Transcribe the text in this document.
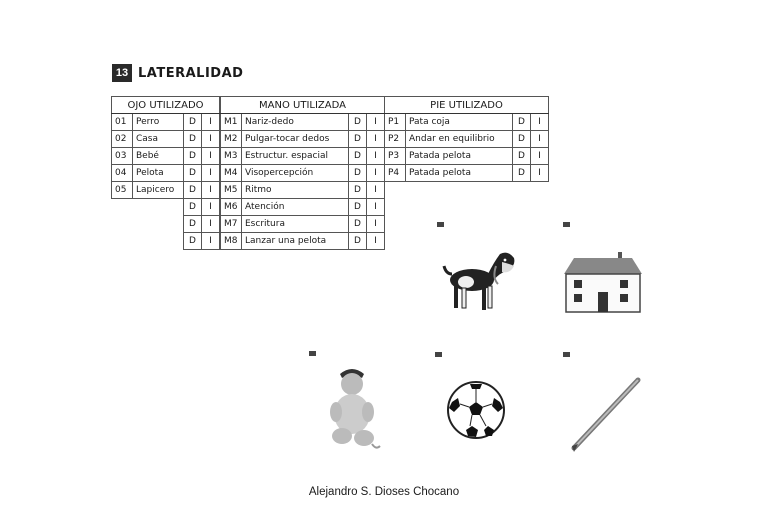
13 LATERALIDAD
OJO UTILIZADO			
01	Perro	D	I
02	Casa	D	I
03	Bebé	D	I
04	Pelota	D	I
05	Lapicero	D	I
		D	I
		D	I
		D	I
MANO UTILIZADA			
M1	Nariz-dedo	D	I
M2	Pulgar-tocar dedos	D	I
M3	Estructur. espacial	D	I
M4	Visopercepción	D	I
M5	Ritmo	D	I
M6	Atención	D	I
M7	Escritura	D	I
M8	Lanzar una pelota	D	I
PIE UTILIZADO			
P1	Pata coja	D	I
P2	Andar en equilibrio	D	I
P3	Patada pelota	D	I
P4	Patada pelota	D	I
Alejandro S. Dioses Chocano
